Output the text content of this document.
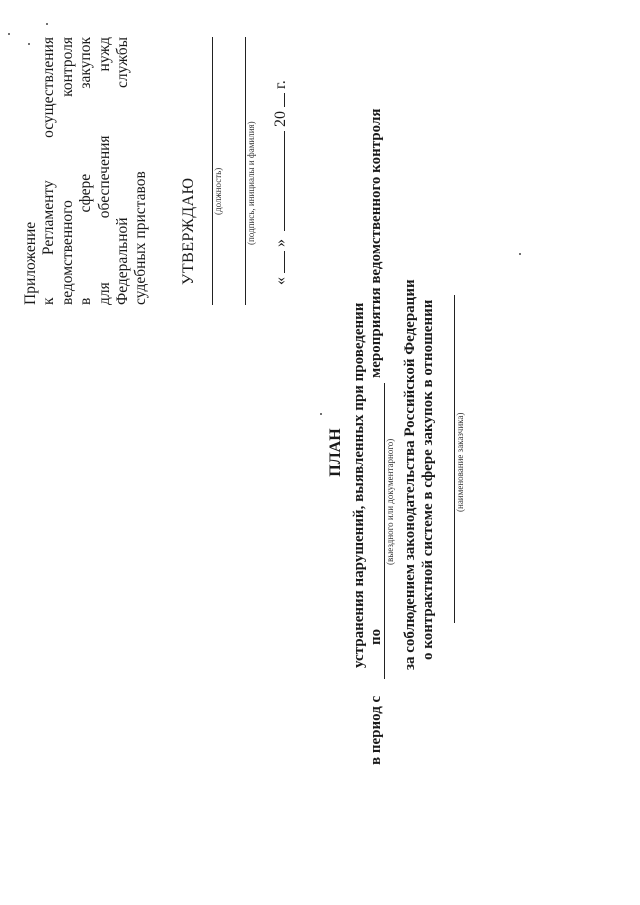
Приложение к
Регламенту
осуществления
ведомственного
контроля
в
сфере
закупок
для
обеспечения
нужд
Федеральной
службы
судебных приставов УТВЕРЖДАЮ (должность)	(подпись, инициалы и фамилия)
«  »  20  г.
ПЛАН устранения нарушений, выявленных при проведении
в период с
по
(выездного или документарного)
мероприятия ведомственного контроля
за соблюдением законодательства Российской Федерации о контрактной системе в сфере закупок в отношении (наименование заказчика)
